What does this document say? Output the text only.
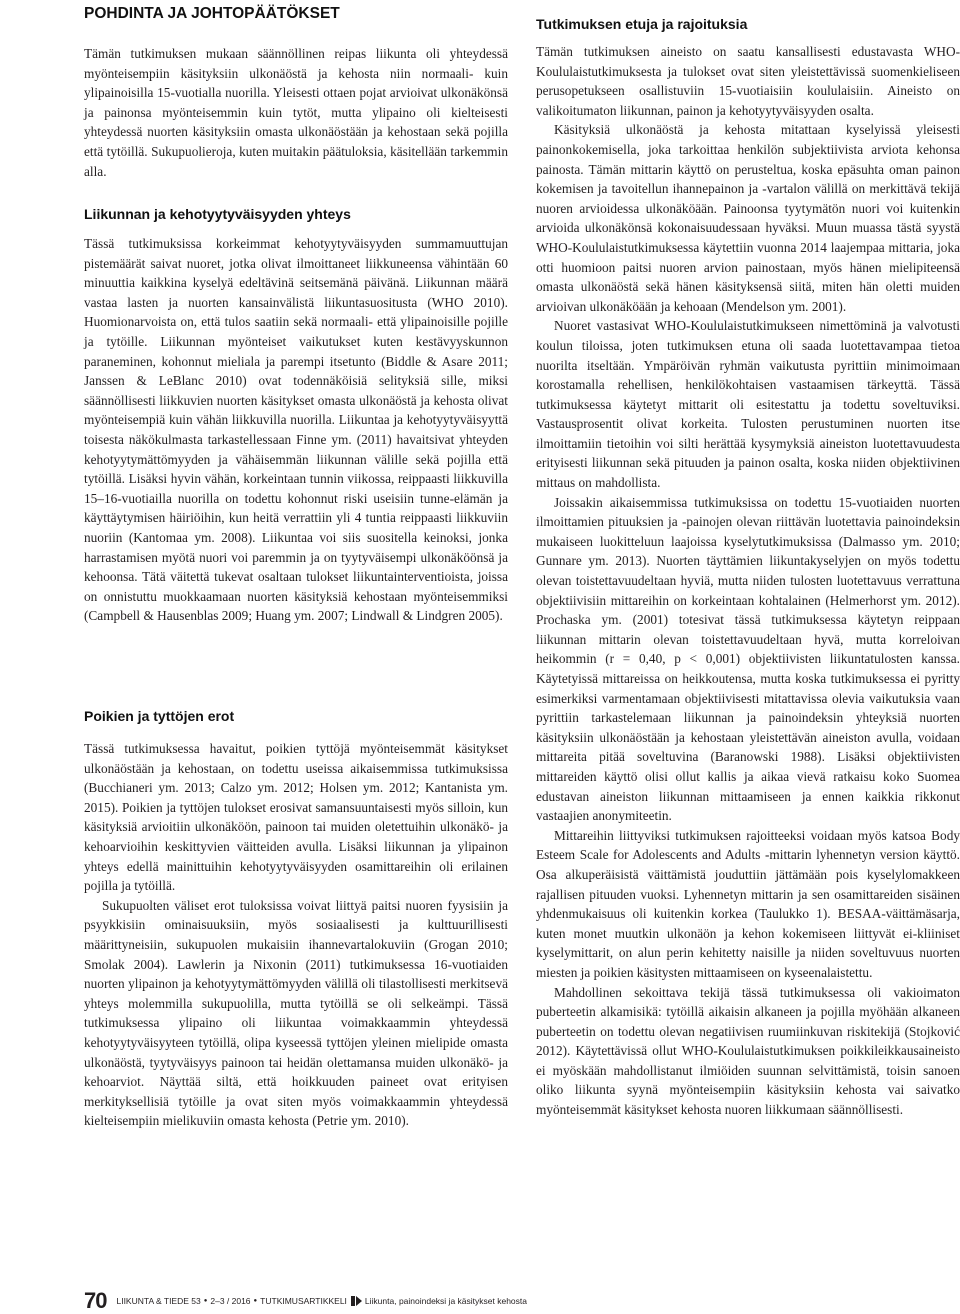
POHDINTA JA JOHTOPÄÄTÖKSET

Tämän tutkimuksen mukaan säännöllinen reipas liikunta oli yhteydessä myönteisempiin käsityksiin ulkonäöstä ja kehosta niin normaali- kuin ylipainoisilla 15-vuotialla nuorilla. Yleisesti ottaen pojat arvioivat ulkonäkönsä ja painonsa myönteisemmin kuin tytöt, mutta ylipaino oli kielteisesti yhteydessä nuorten käsityksiin omasta ulkonäöstään ja kehostaan sekä pojilla että tytöillä. Sukupuolieroja, kuten muitakin päätuloksia, käsitellään tarkemmin alla.

Liikunnan ja kehotyytyväisyyden yhteys

Tässä tutkimuksissa korkeimmat kehotyytyväisyyden summamuuttujan pistemäärät saivat nuoret, jotka olivat ilmoittaneet liikkuneensa vähintään 60 minuuttia kaikkina kyselyä edeltävinä seitsemänä päivänä. Liikunnan määrä vastaa lasten ja nuorten kansainvälistä liikuntasuositusta (WHO 2010). Huomionarvoista on, että tulos saatiin sekä normaali- että ylipainoisille pojille ja tytöille. Liikunnan myönteiset vaikutukset kuten kestävyyskunnon paraneminen, kohonnut mieliala ja parempi itsetunto (Biddle & Asare 2011; Janssen & LeBlanc 2010) ovat todennäköisiä selityksiä sille, miksi säännöllisesti liikkuvien nuorten käsitykset omasta ulkonäöstä ja kehosta olivat myönteisempiä kuin vähän liikkuvilla nuorilla. Liikuntaa ja kehotyytyväisyyttä toisesta näkökulmasta tarkastellessaan Finne ym. (2011) havaitsivat yhteyden kehotyytymättömyyden ja vähäisemmän liikunnan välille sekä pojilla että tytöillä. Lisäksi hyvin vähän, korkeintaan tunnin viikossa, reippaasti liikkuvilla 15–16-vuotiailla nuorilla on todettu kohonnut riski useisiin tunne-elämän ja käyttäytymisen häiriöihin, kun heitä verrattiin yli 4 tuntia reippaasti liikkuviin nuoriin (Kantomaa ym. 2008). Liikuntaa voi siis suositella keinoksi, jonka harrastamisen myötä nuori voi paremmin ja on tyytyväisempi ulkonäköönsä ja kehoonsa. Tätä väitettä tukevat osaltaan tulokset liikuntainterventioista, joissa on onnistuttu muokkaamaan nuorten käsityksiä kehostaan myönteisemmiksi (Campbell & Hausenblas 2009; Huang ym. 2007; Lindwall & Lindgren 2005).

Poikien ja tyttöjen erot

Tässä tutkimuksessa havaitut, poikien tyttöjä myönteisemmät käsitykset ulkonäöstään ja kehostaan, on todettu useissa aikaisemmissa tutkimuksissa (Bucchianeri ym. 2013; Calzo ym. 2012; Holsen ym. 2012; Kantanista ym. 2015). Poikien ja tyttöjen tulokset erosivat samansuuntaisesti myös silloin, kun käsityksiä arvioitiin ulkonäköön, painoon tai muiden oletettuihin ulkonäkö- ja kehoarvioihin keskittyvien väitteiden avulla. Lisäksi liikunnan ja ylipainon yhteys edellä mainittuihin kehotyytyväisyyden osamittareihin oli erilainen pojilla ja tytöillä.

Sukupuolten väliset erot tuloksissa voivat liittyä paitsi nuoren fyysisiin ja psyykkisiin ominaisuuksiin, myös sosiaalisesti ja kulttuurillisesti määrittyneisiin, sukupuolen mukaisiin ihannevartalokuviin (Grogan 2010; Smolak 2004). Lawlerin ja Nixonin (2011) tutkimuksessa 16-vuotiaiden nuorten ylipainon ja kehotyytymättömyyden välillä oli tilastollisesti merkitsevä yhteys molemmilla sukupuolilla, mutta tytöillä se oli selkeämpi. Tässä tutkimuksessa ylipaino oli liikuntaa voimakkaammin yhteydessä kehotyytyväisyyteen tytöillä, olipa kyseessä tyttöjen yleinen mielipide omasta ulkonäöstä, tyytyväisyys painoon tai heidän olettamansa muiden ulkonäkö- ja kehoarviot. Näyttää siltä, että hoikkuuden paineet ovat erityisen merkityksellisiä tytöille ja ovat siten myös voimakkaammin yhteydessä kielteisempiin mielikuviin omasta kehosta (Petrie ym. 2010).

Tutkimuksen etuja ja rajoituksia

Tämän tutkimuksen aineisto on saatu kansallisesti edustavasta WHO-Koululaistutkimuksesta ja tulokset ovat siten yleistettävissä suomenkieliseen perusopetukseen osallistuviin 15-vuotiaisiin koululaisiin. Aineisto on valikoitumaton liikunnan, painon ja kehotyytyväisyyden osalta.

Käsityksiä ulkonäöstä ja kehosta mitattaan kyselyissä yleisesti painonkokemisella, joka tarkoittaa henkilön subjektiivista arviota kehonsa painosta. Tämän mittarin käyttö on perusteltua, koska epäsuhta oman painon kokemisen ja tavoitellun ihannepainon ja -vartalon välillä on merkittävä tekijä nuoren arvioidessa ulkonäköään. Painoonsa tyytymätön nuori voi kuitenkin arvioida ulkonäkönsä kokonaisuudessaan hyväksi. Muun muassa tästä syystä WHO-Koululaistutkimuksessa käytettiin vuonna 2014 laajempaa mittaria, joka otti huomioon paitsi nuoren arvion painostaan, myös hänen mielipiteensä omasta ulkonäöstä sekä hänen käsityksensä siitä, miten hän oletti muiden arvioivan ulkonäköään ja kehoaan (Mendelson ym. 2001).

Nuoret vastasivat WHO-Koululaistutkimukseen nimettöminä ja valvotusti koulun tiloissa, joten tutkimuksen etuna oli saada luotettavampaa tietoa nuorilta itseltään. Ympäröivän ryhmän vaikutusta pyrittiin minimoimaan korostamalla rehellisen, henkilökohtaisen vastaamisen tärkeyttä. Tässä tutkimuksessa käytetyt mittarit oli esitestattu ja todettu soveltuviksi. Vastausprosentit olivat korkeita. Tulosten perustuminen nuorten itse ilmoittamiin tietoihin voi silti herättää kysymyksiä aineiston luotettavuudesta erityisesti liikunnan sekä pituuden ja painon osalta, koska niiden objektiivinen mittaus on mahdollista.

Joissakin aikaisemmissa tutkimuksissa on todettu 15-vuotiaiden nuorten ilmoittamien pituuksien ja -painojen olevan riittävän luotettavia painoindeksin mukaiseen luokitteluun laajoissa kyselytutkimuksissa (Dalmasso ym. 2010; Gunnare ym. 2013). Nuorten täyttämien liikuntakyselyjen on myös todettu olevan toistettavuudeltaan hyviä, mutta niiden tulosten luotettavuus verrattuna objektiivisiin mittareihin on korkeintaan kohtalainen (Helmerhorst ym. 2012). Prochaska ym. (2001) totesivat tässä tutkimuksessa käytetyn reippaan liikunnan mittarin olevan toistettavuudeltaan hyvä, mutta korreloivan heikommin (r = 0,40, p < 0,001) objektiivisten liikuntatulosten kanssa. Käytetyissä mittareissa on heikkoutensa, mutta koska tutkimuksessa ei pyritty esimerkiksi varmentamaan objektiivisesti mitattavissa olevia vaikutuksia vaan pyrittiin tarkastelemaan liikunnan ja painoindeksin yhteyksiä nuorten käsityksiin ulkonäöstään ja kehostaan yleistettävän aineiston avulla, voidaan mittareita pitää soveltuvina (Baranowski 1988). Lisäksi objektiivisten mittareiden käyttö olisi ollut kallis ja aikaa vievä ratkaisu koko Suomea edustavan aineiston liikunnan mittaamiseen ja ennen kaikkia rikkonut vastaajien anonymiteetin.

Mittareihin liittyviksi tutkimuksen rajoitteeksi voidaan myös katsoa Body Esteem Scale for Adolescents and Adults -mittarin lyhennetyn version käyttö. Osa alkuperäisistä väittämistä jouduttiin jättämään pois kyselylomakkeen rajallisen pituuden vuoksi. Lyhennetyn mittarin ja sen osamittareiden sisäinen yhdenmukaisuus oli kuitenkin korkea (Taulukko 1). BESAA-väittämäsarja, kuten monet muutkin ulkonäön ja kehon kokemiseen liittyvät ei-kliiniset kyselymittarit, on alun perin kehitetty naisille ja niiden soveltuvuus nuorten miesten ja poikien käsitysten mittaamiseen on kyseenalaistettu.

Mahdollinen sekoittava tekijä tässä tutkimuksessa oli vakioimaton puberteetin alkamisikä: tytöillä aikaisin alkaneen ja pojilla myöhään alkaneen puberteetin on todettu olevan negatiivisen ruumiinkuvan riskitekijä (Stojković 2012). Käytettävissä ollut WHO-Koululaistutkimuksen poikkileikkausaineisto ei myöskään mahdollistanut ilmiöiden suunnan selvittämistä, toisin sanoen oliko liikunta syynä myönteisempiin käsityksiin kehosta vai saivatko myönteisemmät käsitykset kehosta nuoren liikkumaan säännöllisesti.

70 LIIKUNTA & TIEDE 53 ● 2–3 / 2016 ● TUTKIMUSARTIKKELI Liikunta, painoindeksi ja käsitykset kehosta
